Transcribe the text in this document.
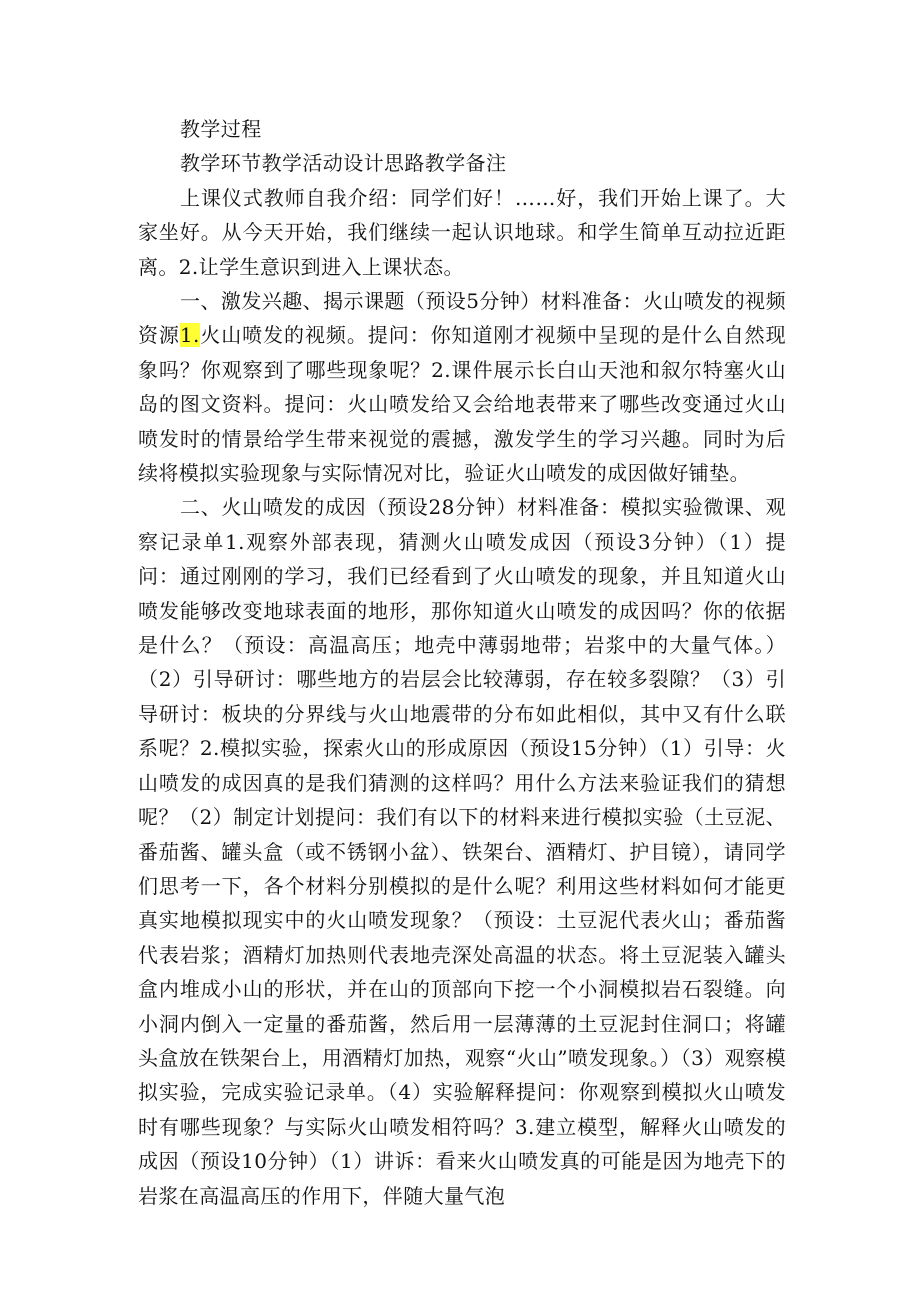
教学过程

教学环节教学活动设计思路教学备注

上课仪式教师自我介绍：同学们好！……好，我们开始上课了。大家坐好。从今天开始，我们继续一起认识地球。和学生简单互动拉近距离。2.让学生意识到进入上课状态。

一、激发兴趣、揭示课题（预设5分钟）材料准备：火山喷发的视频资源1.火山喷发的视频。提问：你知道刚才视频中呈现的是什么自然现象吗？你观察到了哪些现象呢？2.课件展示长白山天池和叙尔特塞火山岛的图文资料。提问：火山喷发给又会给地表带来了哪些改变通过火山喷发时的情景给学生带来视觉的震撼，激发学生的学习兴趣。同时为后续将模拟实验现象与实际情况对比，验证火山喷发的成因做好铺垫。

二、火山喷发的成因（预设28分钟）材料准备：模拟实验微课、观察记录单1.观察外部表现，猜测火山喷发成因（预设3分钟）（1）提问：通过刚刚的学习，我们已经看到了火山喷发的现象，并且知道火山喷发能够改变地球表面的地形，那你知道火山喷发的成因吗？你的依据是什么？（预设：高温高压；地壳中薄弱地带；岩浆中的大量气体。）（2）引导研讨：哪些地方的岩层会比较薄弱，存在较多裂隙？（3）引导研讨：板块的分界线与火山地震带的分布如此相似，其中又有什么联系呢？2.模拟实验，探索火山的形成原因（预设15分钟）（1）引导：火山喷发的成因真的是我们猜测的这样吗？用什么方法来验证我们的猜想呢？（2）制定计划提问：我们有以下的材料来进行模拟实验（土豆泥、番茄酱、罐头盒（或不锈钢小盆）、铁架台、酒精灯、护目镜），请同学们思考一下，各个材料分别模拟的是什么呢？利用这些材料如何才能更真实地模拟现实中的火山喷发现象？（预设：土豆泥代表火山；番茄酱代表岩浆；酒精灯加热则代表地壳深处高温的状态。将土豆泥装入罐头盒内堆成小山的形状，并在山的顶部向下挖一个小洞模拟岩石裂缝。向小洞内倒入一定量的番茄酱，然后用一层薄薄的土豆泥封住洞口；将罐头盒放在铁架台上，用酒精灯加热，观察“火山”喷发现象。）（3）观察模拟实验，完成实验记录单。（4）实验解释提问：你观察到模拟火山喷发时有哪些现象？与实际火山喷发相符吗？3.建立模型，解释火山喷发的成因（预设10分钟）（1）讲诉：看来火山喷发真的可能是因为地壳下的岩浆在高温高压的作用下，伴随大量气泡
